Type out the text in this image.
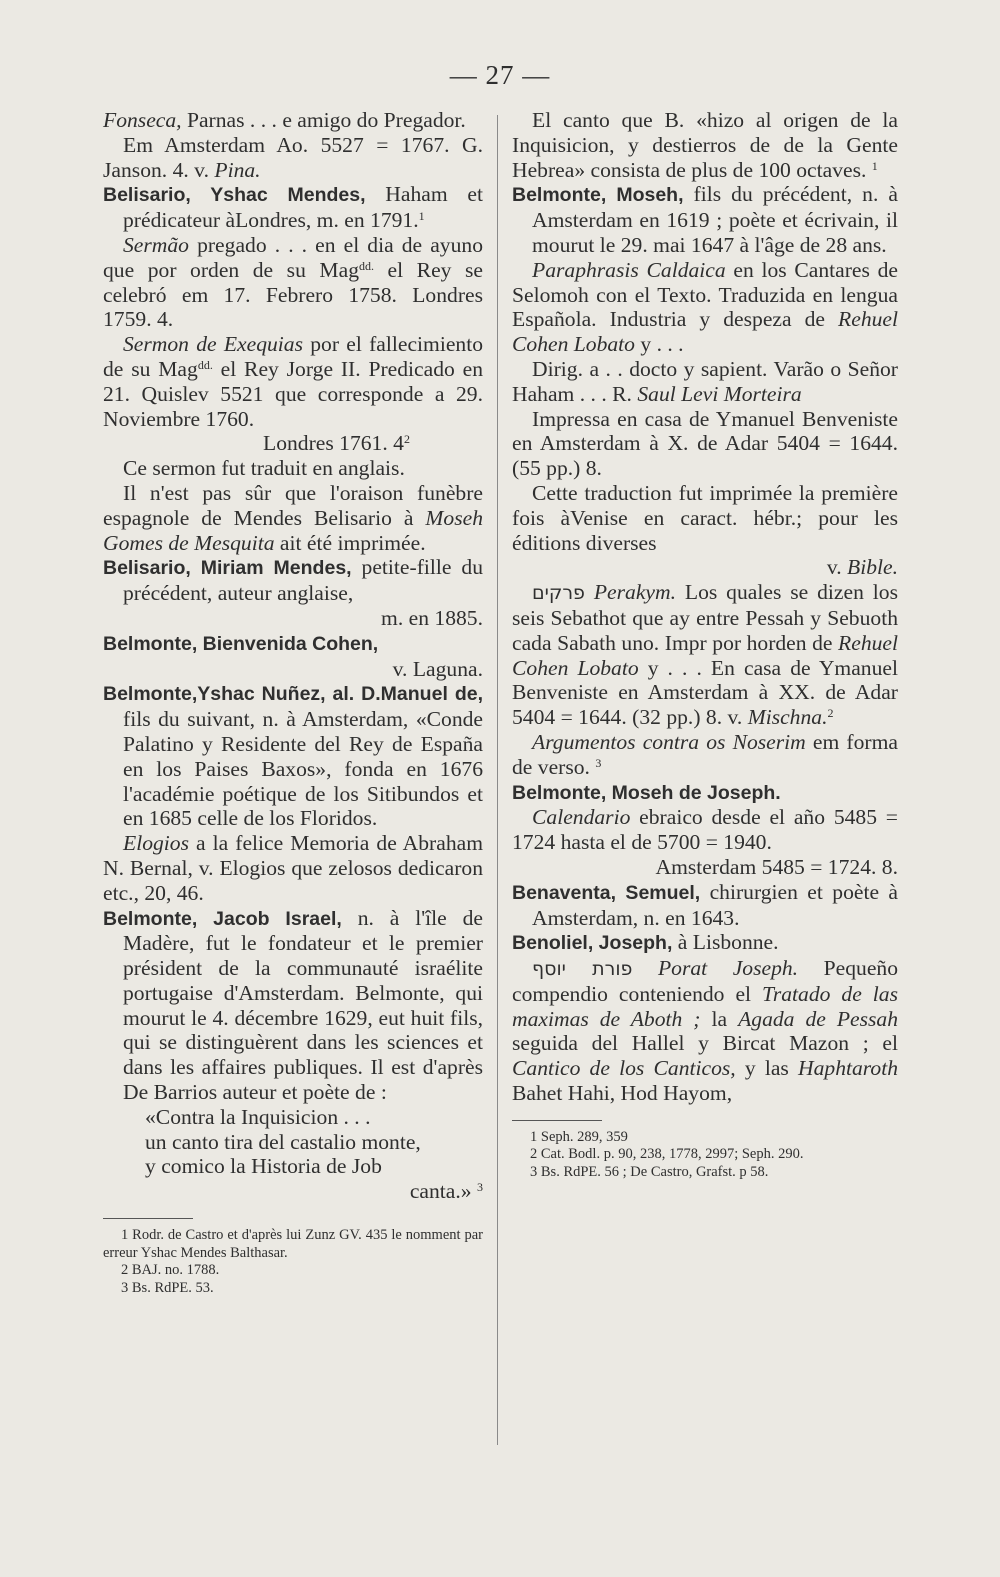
— 27 —

Fonseca, Parnas . . . e amigo do Pregador.

Em Amsterdam Ao. 5527 = 1767. G. Janson. 4. v. Pina.

Belisario, Yshac Mendes, Haham et prédicateur àLondres, m. en 1791.$^1$

Sermão pregado . . . en el dia de ayuno que por orden de su Mag$^{dd.}$ el Rey se celebró em 17. Febrero 1758. Londres 1759. 4.

Sermon de Exequias por el fallecimiento de su Mag$^{dd.}$ el Rey Jorge II. Predicado en 21. Quislev 5521 que corresponde a 29. Noviembre 1760.

Londres 1761. $4^2$

Ce sermon fut traduit en anglais.

Il n'est pas sûr que l'oraison funèbre espagnole de Mendes Belisario à Moseh Gomes de Mesquita ait été imprimée.

Belisario, Miriam Mendes, petite-fille du précédent, auteur anglaise,

m. en 1885.

Belmonte, Bienvenida Cohen,

v. Laguna.

Belmonte,Yshac Nuñez, al. D.Manuel de, fils du suivant, n. à Amsterdam, «Conde Palatino y Residente del Rey de España en los Paises Baxos», fonda en 1676 l'académie poétique de los Sitibundos et en 1685 celle de los Floridos.

Elogios a la felice Memoria de Abraham N. Bernal, v. Elogios que zelosos dedicaron etc., 20, 46.

Belmonte, Jacob Israel, n. à l'île de Madère, fut le fondateur et le premier président de la communauté israélite portugaise d'Amsterdam. Belmonte, qui mourut le 4. décembre 1629, eut huit fils, qui se distinguèrent dans les sciences et dans les affaires publiques. Il est d'après De Barrios auteur et poète de :

«Contra la Inquisicion . . .

un canto tira del castalio monte,

y comico la Historia de Job

canta.» $^3$

1 Rodr. de Castro et d'après lui Zunz GV. 435 le nomment par erreur Yshac Mendes Balthasar.

2 BAJ. no. 1788.

3 Bs. RdPE. 53.

El canto que B. «hizo al origen de la Inquisicion, y destierros de de la Gente Hebrea» consista de plus de 100 octaves. $^1$

Belmonte, Moseh, fils du précédent, n. à Amsterdam en 1619 ; poète et écrivain, il mourut le 29. mai 1647 à l'âge de 28 ans.

Paraphrasis Caldaica en los Cantares de Selomoh con el Texto. Traduzida en lengua Española. Industria y despeza de Rehuel Cohen Lobato y . . .

Dirig. a . . docto y sapient. Varão o Señor Haham . . . R. Saul Levi Morteira

Impressa en casa de Ymanuel Benveniste en Amsterdam à X. de Adar 5404 = 1644. (55 pp.) 8.

Cette traduction fut imprimée la première fois àVenise en caract. hébr.; pour les éditions diverses

v. Bible.

פרקים Perakym. Los quales se dizen los seis Sebathot que ay entre Pessah y Sebuoth cada Sabath uno. Impr por horden de Rehuel Cohen Lobato y . . . En casa de Ymanuel Benveniste en Amsterdam à XX. de Adar 5404 = 1644. (32 pp.) 8. v. Mischna.$^2$

Argumentos contra os Noserim em forma de verso. $^3$

Belmonte, Moseh de Joseph.

Calendario ebraico desde el año 5485 = 1724 hasta el de 5700 = 1940.

Amsterdam 5485 = 1724. 8.

Benaventa, Semuel, chirurgien et poète à Amsterdam, n. en 1643.

Benoliel, Joseph, à Lisbonne.

פורת יוסף Porat Joseph. Pequeño compendio conteniendo el Tratado de las maximas de Aboth ; la Agada de Pessah seguida del Hallel y Bircat Mazon ; el Cantico de los Canticos, y las Haphtaroth Bahet Hahi, Hod Hayom,

1 Seph. 289, 359

2 Cat. Bodl. p. 90, 238, 1778, 2997; Seph. 290.

3 Bs. RdPE. 56 ; De Castro, Grafst. p 58.
